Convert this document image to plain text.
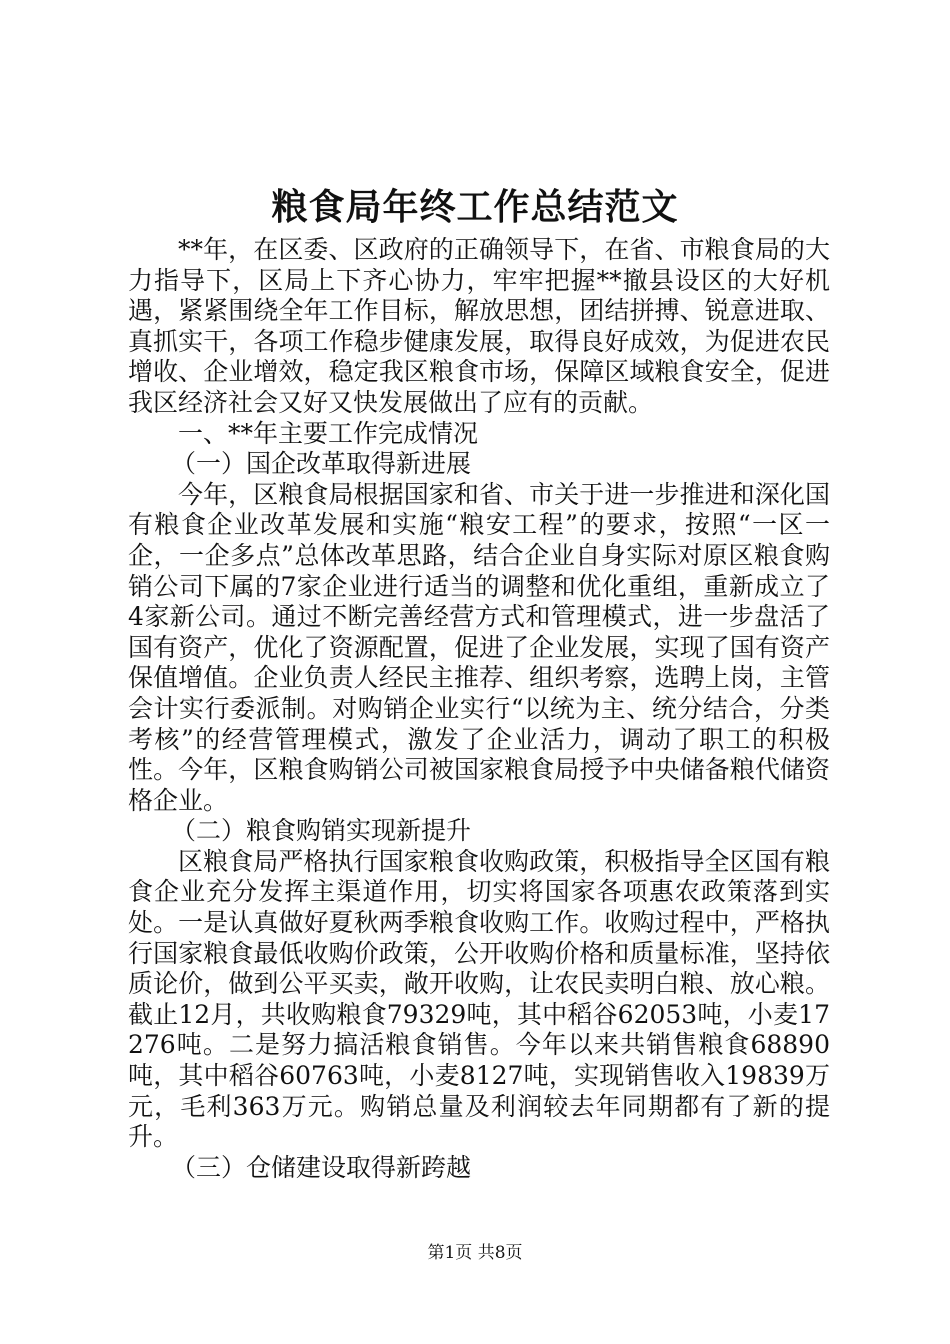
粮食局年终工作总结范文

**年，在区委、区政府的正确领导下，在省、市粮食局的大力指导下，区局上下齐心协力，牢牢把握**撤县设区的大好机遇，紧紧围绕全年工作目标，解放思想，团结拼搏、锐意进取、真抓实干，各项工作稳步健康发展，取得良好成效，为促进农民增收、企业增效，稳定我区粮食市场，保障区域粮食安全，促进我区经济社会又好又快发展做出了应有的贡献。

一、**年主要工作完成情况

（一）国企改革取得新进展

今年，区粮食局根据国家和省、市关于进一步推进和深化国有粮食企业改革发展和实施“粮安工程”的要求，按照“一区一企，一企多点”总体改革思路，结合企业自身实际对原区粮食购销公司下属的7家企业进行适当的调整和优化重组，重新成立了4家新公司。通过不断完善经营方式和管理模式，进一步盘活了国有资产，优化了资源配置，促进了企业发展，实现了国有资产保值增值。企业负责人经民主推荐、组织考察，选聘上岗，主管会计实行委派制。对购销企业实行“以统为主、统分结合，分类考核”的经营管理模式，激发了企业活力，调动了职工的积极性。今年，区粮食购销公司被国家粮食局授予中央储备粮代储资格企业。

（二）粮食购销实现新提升

区粮食局严格执行国家粮食收购政策，积极指导全区国有粮食企业充分发挥主渠道作用，切实将国家各项惠农政策落到实处。一是认真做好夏秋两季粮食收购工作。收购过程中，严格执行国家粮食最低收购价政策，公开收购价格和质量标准，坚持依质论价，做到公平买卖，敞开收购，让农民卖明白粮、放心粮。截止12月，共收购粮食79329吨，其中稻谷62053吨，小麦17276吨。二是努力搞活粮食销售。今年以来共销售粮食68890吨，其中稻谷60763吨，小麦8127吨，实现销售收入19839万元，毛利363万元。购销总量及利润较去年同期都有了新的提升。

（三）仓储建设取得新跨越

第1页 共8页
